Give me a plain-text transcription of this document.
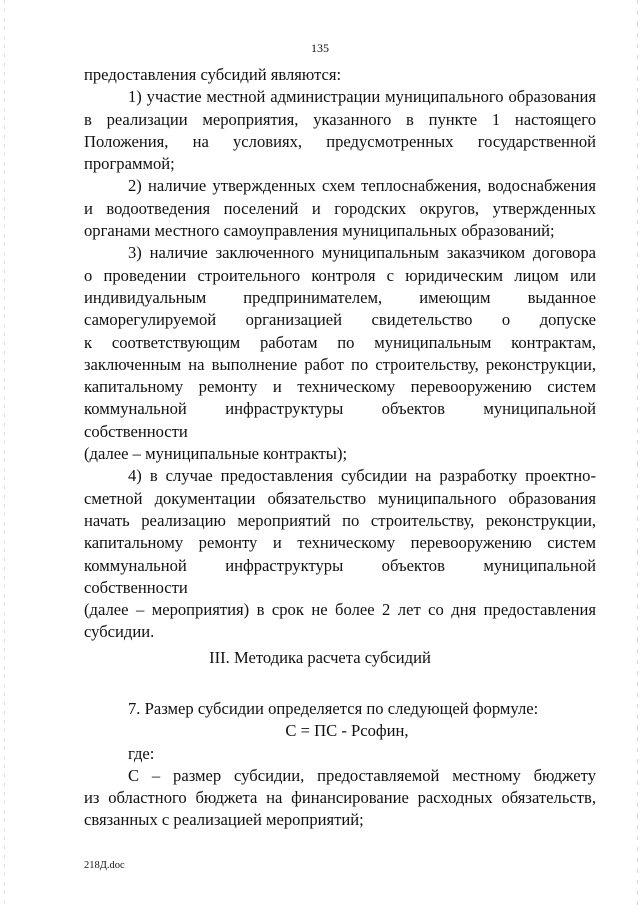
135
предоставления субсидий являются:
1) участие местной администрации муниципального образования
в реализации мероприятия, указанного в пункте 1 настоящего
Положения, на условиях, предусмотренных государственной
программой;
2) наличие утвержденных схем теплоснабжения, водоснабжения
и водоотведения поселений и городских округов, утвержденных
органами местного самоуправления муниципальных образований;
3) наличие заключенного муниципальным заказчиком договора
о проведении строительного контроля с юридическим лицом или
индивидуальным предпринимателем, имеющим выданное
саморегулируемой организацией свидетельство о допуске
к соответствующим работам по муниципальным контрактам,
заключенным на выполнение работ по строительству, реконструкции,
капитальному ремонту и техническому перевооружению систем
коммунальной инфраструктуры объектов муниципальной собственности
(далее – муниципальные контракты);
4) в случае предоставления субсидии на разработку проектно-
сметной документации обязательство муниципального образования
начать реализацию мероприятий по строительству, реконструкции,
капитальному ремонту и техническому перевооружению систем
коммунальной инфраструктуры объектов муниципальной собственности
(далее – мероприятия) в срок не более 2 лет со дня предоставления
субсидии.
III. Методика расчета субсидий
7. Размер субсидии определяется по следующей формуле:
С = ПС - Рсофин,
где:
С – размер субсидии, предоставляемой местному бюджету
из областного бюджета на финансирование расходных обязательств,
связанных с реализацией мероприятий;
218Д.doc
